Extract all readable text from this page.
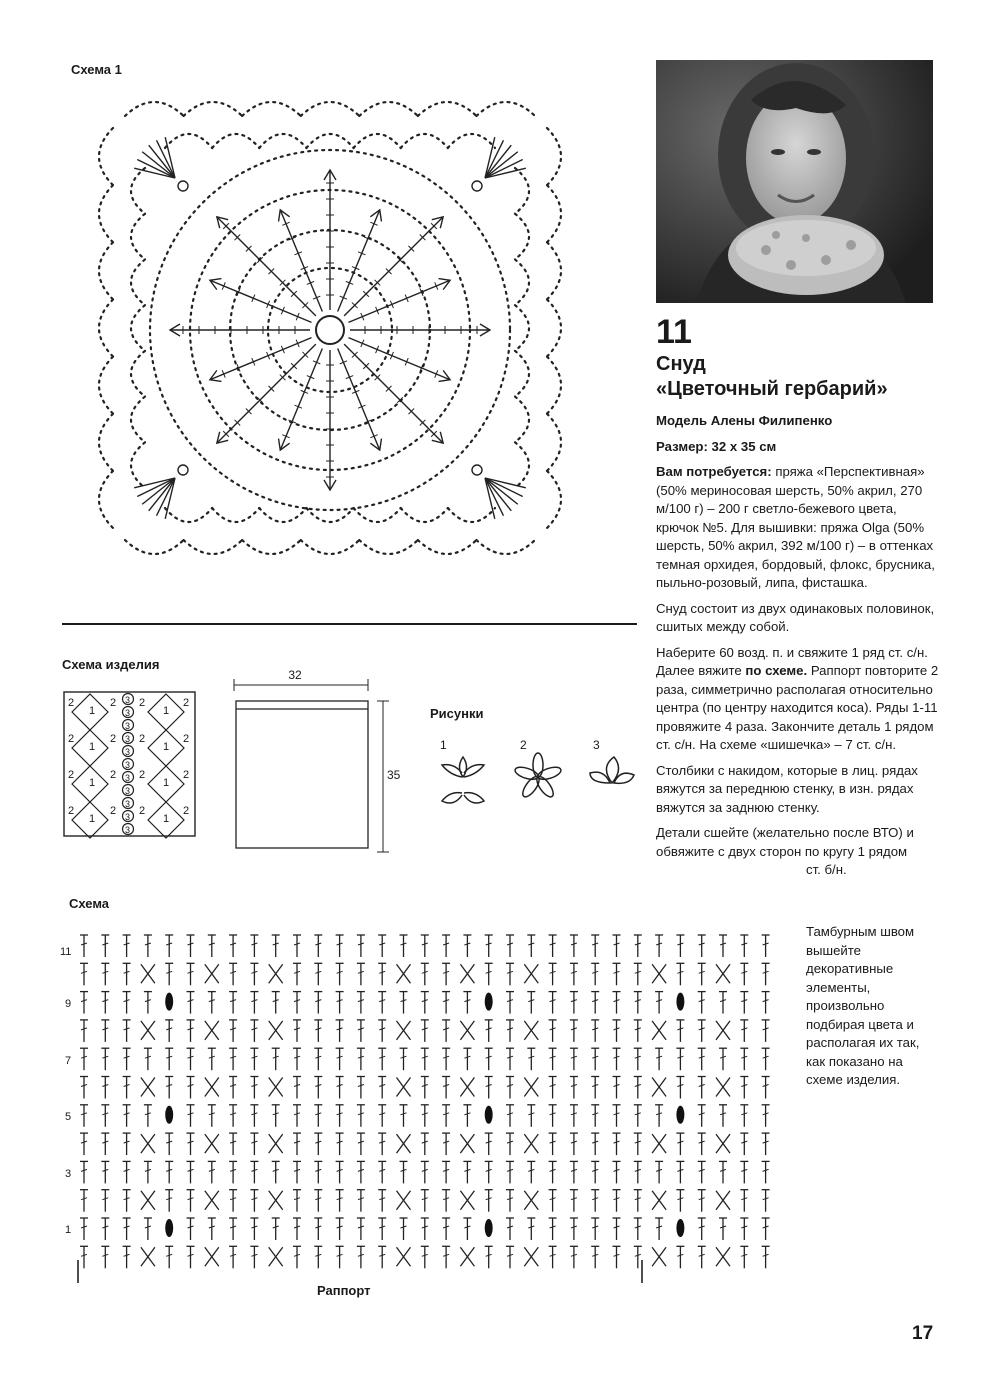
Схема 1
11
Снуд
«Цветочный гербарий»

Модель Алены Филипенко

Размер: 32 х 35 см

Вам потребуется: пряжа «Перспективная» (50% мериносовая шерсть, 50% акрил, 270 м/100 г) – 200 г светло-бежевого цвета, крючок №5. Для вышивки: пряжа Olga (50% шерсть, 50% акрил, 392 м/100 г) – в оттенках темная орхидея, бордовый, флокс, брусника, пыльно-розовый, липа, фисташка.

Снуд состоит из двух одинаковых половинок, сшитых между собой.

Наберите 60 возд. п. и свяжите 1 ряд ст. с/н. Далее вяжите по схеме. Раппорт повторите 2 раза, симметрично располагая относительно центра (по центру находится коса). Ряды 1-11 провяжите 4 раза. Закончите деталь 1 рядом ст. с/н. На схеме «шишечка» – 7 ст. с/н.

Столбики с накидом, которые в лиц. рядах вяжутся за переднюю стенку, в изн. рядах вяжутся за заднюю стенку.

Детали сшейте (желательно после ВТО) и обвяжите с двух сторон по кругу 1 рядом

ст. б/н.
Тамбурным швом вышейте декоративные элементы, произвольно подбирая цвета и располагая их так, как показано на схеме изделия.
Схема изделия
2
1
2
1
2
1
2
1
2
2
2
2
2
2
2
2
1
1
1
1
2
2
2
2
3
3
3
3
3
3
3
3
3
3
3
32
35
Рисунки
1	2	3
Схема
11
9
7
5
3
1
Раппорт
17
